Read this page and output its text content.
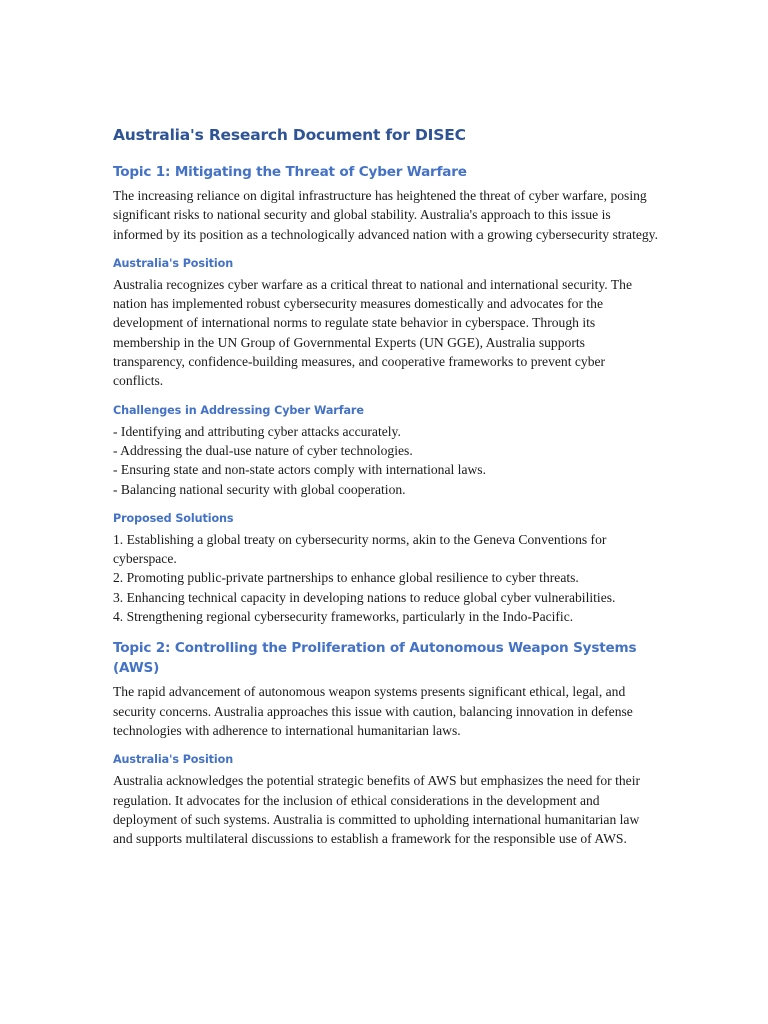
Australia's Research Document for DISEC
Topic 1: Mitigating the Threat of Cyber Warfare

The increasing reliance on digital infrastructure has heightened the threat of cyber warfare, posing significant risks to national security and global stability. Australia's approach to this issue is informed by its position as a technologically advanced nation with a growing cybersecurity strategy.

Australia's Position

Australia recognizes cyber warfare as a critical threat to national and international security. The nation has implemented robust cybersecurity measures domestically and advocates for the development of international norms to regulate state behavior in cyberspace. Through its membership in the UN Group of Governmental Experts (UN GGE), Australia supports transparency, confidence-building measures, and cooperative frameworks to prevent cyber conflicts.

Challenges in Addressing Cyber Warfare

- Identifying and attributing cyber attacks accurately.

- Addressing the dual-use nature of cyber technologies.

- Ensuring state and non-state actors comply with international laws.

- Balancing national security with global cooperation.

Proposed Solutions

1. Establishing a global treaty on cybersecurity norms, akin to the Geneva Conventions for cyberspace.

2. Promoting public-private partnerships to enhance global resilience to cyber threats.

3. Enhancing technical capacity in developing nations to reduce global cyber vulnerabilities.

4. Strengthening regional cybersecurity frameworks, particularly in the Indo-Pacific.

Topic 2: Controlling the Proliferation of Autonomous Weapon Systems (AWS)

The rapid advancement of autonomous weapon systems presents significant ethical, legal, and security concerns. Australia approaches this issue with caution, balancing innovation in defense technologies with adherence to international humanitarian laws.

Australia's Position

Australia acknowledges the potential strategic benefits of AWS but emphasizes the need for their regulation. It advocates for the inclusion of ethical considerations in the development and deployment of such systems. Australia is committed to upholding international humanitarian law and supports multilateral discussions to establish a framework for the responsible use of AWS.
